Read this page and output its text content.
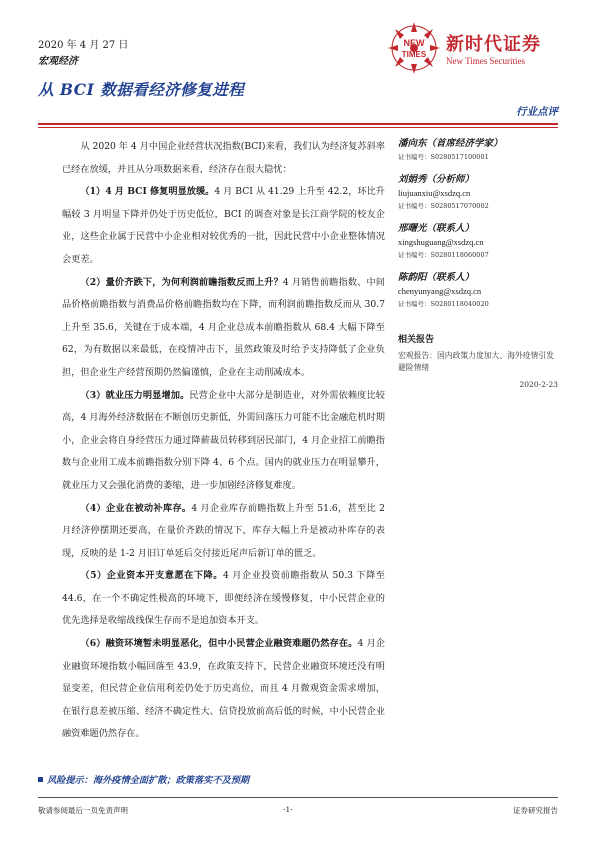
2020 年 4 月 27 日
宏观经济
从 BCI 数据看经济修复进程
NEW
TIMES 新时代证券
New Times Securities
行业点评

从 2020 年 4 月中国企业经营状况指数(BCI)来看，我们认为经济复苏斜率已经在放缓，并且从分项数据来看，经济存在很大隐忧：

（1）4 月 BCI 修复明显放缓。4 月 BCI 从 41.29 上升至 42.2，环比升幅较 3 月明显下降并仍处于历史低位，BCI 的调查对象是长江商学院的校友企业，这些企业属于民营中小企业相对较优秀的一批，因此民营中小企业整体情况会更差。

（2）量价齐跌下，为何利润前瞻指数反而上升？4 月销售前瞻指数、中间品价格前瞻指数与消费品价格前瞻指数均在下降，而利润前瞻指数反而从 30.7 上升至 35.6，关键在于成本端，4 月企业总成本前瞻指数从 68.4 大幅下降至 62，为有数据以来最低，在疫情冲击下，虽然政策及时给予支持降低了企业负担，但企业生产经营预期仍然偏谨慎，企业在主动削减成本。

（3）就业压力明显增加。民营企业中大部分是制造业，对外需依赖度比较高，4 月海外经济数据在不断创历史新低，外需回落压力可能不比金融危机时期小，企业会将自身经营压力通过降薪裁员转移到居民部门，4 月企业招工前瞻指数与企业用工成本前瞻指数分别下降 4、6 个点。国内的就业压力在明显攀升，就业压力又会强化消费的萎缩，进一步加剧经济修复难度。

（4）企业在被动补库存。4 月企业库存前瞻指数上升至 51.6，甚至比 2 月经济停摆期还要高，在量价齐跌的情况下，库存大幅上升是被动补库存的表现，反映的是 1-2 月旧订单延后交付接近尾声后新订单的匮乏。

（5）企业资本开支意愿在下降。4 月企业投资前瞻指数从 50.3 下降至 44.6，在一个不确定性极高的环境下，即便经济在缓慢修复，中小民营企业的优先选择是收缩战线保生存而不是追加资本开支。

（6）融资环境暂未明显恶化，但中小民营企业融资难题仍然存在。4 月企业融资环境指数小幅回落至 43.9，在政策支持下，民营企业融资环境还没有明显变差，但民营企业信用利差仍处于历史高位，而且 4 月微观资金需求增加，在银行息差被压缩、经济不确定性大、信贷投放前高后低的时候，中小民营企业融资难题仍然存在。

潘向东（首席经济学家）
证书编号：S0280517100001
刘娟秀（分析师）
liujuanxiu@xsdzq.cn
证书编号：S0280517070002
邢曙光（联系人）
xingshuguang@xsdzq.cn
证书编号：S0280118060007
陈韵阳（联系人）
chenyunyang@xsdzq.cn
证书编号：S0280118040020
相关报告
宏观报告：国内政策力度加大、海外疫情引发避险情绪
2020-2-23
风险提示：海外疫情全面扩散；政策落实不及预期
敬请参阅最后一页免责声明	-1-	证券研究报告
